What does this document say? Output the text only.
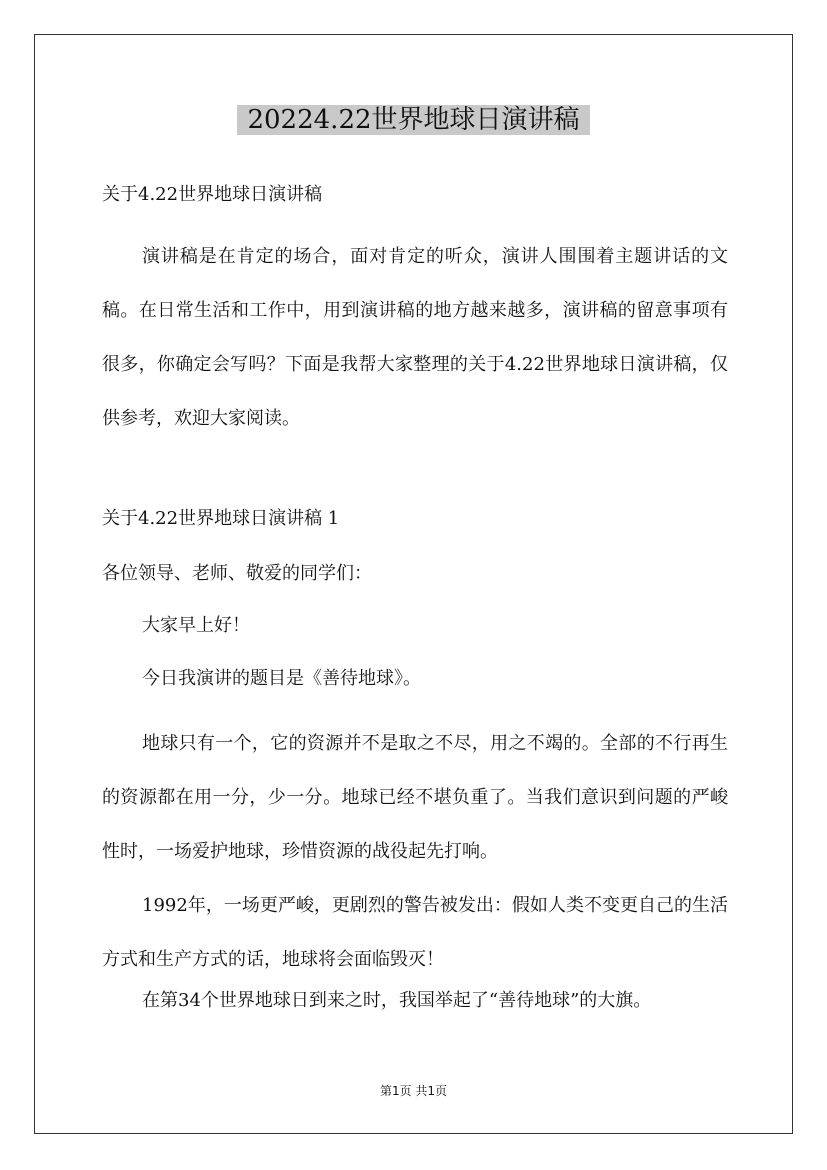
20224.22世界地球日演讲稿

关于4.22世界地球日演讲稿

演讲稿是在肯定的场合，面对肯定的听众，演讲人围围着主题讲话的文稿。在日常生活和工作中，用到演讲稿的地方越来越多，演讲稿的留意事项有很多，你确定会写吗？下面是我帮大家整理的关于4.22世界地球日演讲稿，仅供参考，欢迎大家阅读。

关于4.22世界地球日演讲稿 1

各位领导、老师、敬爱的同学们：

大家早上好！

今日我演讲的题目是《善待地球》。

地球只有一个，它的资源并不是取之不尽，用之不竭的。全部的不行再生的资源都在用一分，少一分。地球已经不堪负重了。当我们意识到问题的严峻性时，一场爱护地球，珍惜资源的战役起先打响。

1992年，一场更严峻，更剧烈的警告被发出：假如人类不变更自己的生活方式和生产方式的话，地球将会面临毁灭！

在第34个世界地球日到来之时，我国举起了“善待地球”的大旗。

第1页 共1页
